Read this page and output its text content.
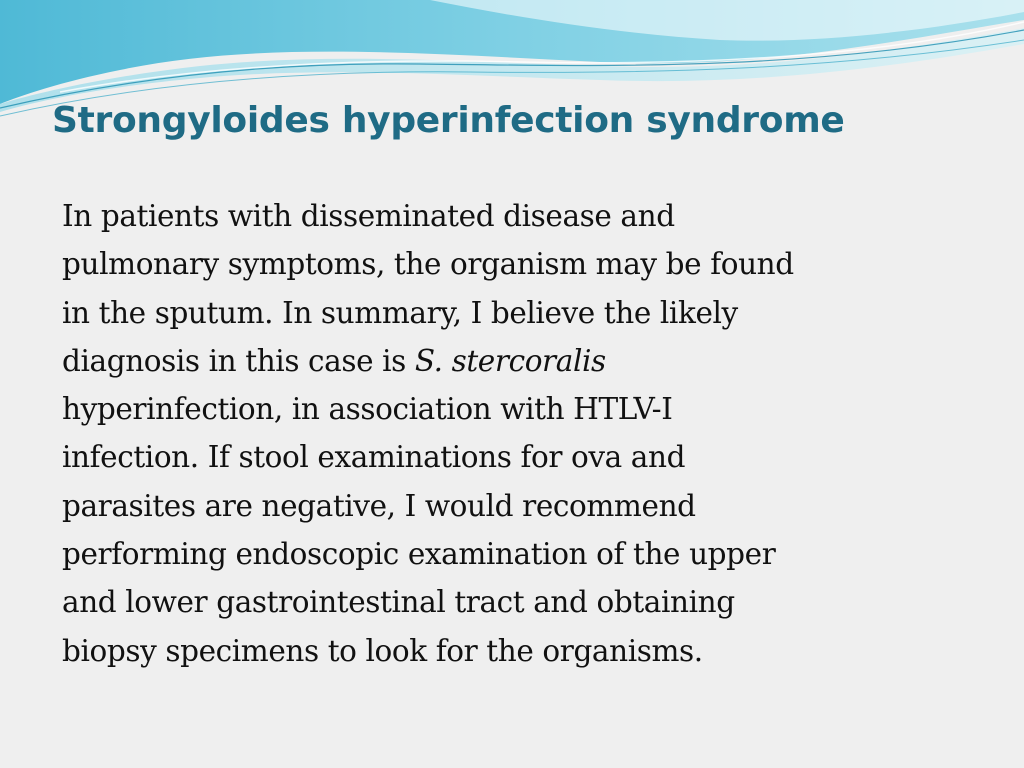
Strongyloides hyperinfection syndrome
In patients with disseminated disease and
pulmonary symptoms, the organism may be found
in the sputum. In summary, I believe the likely
diagnosis in this case is S. stercoralis
hyperinfection, in association with HTLV-I
infection. If stool examinations for ova and
parasites are negative, I would recommend
performing endoscopic examination of the upper
and lower gastrointestinal tract and obtaining
biopsy specimens to look for the organisms.
